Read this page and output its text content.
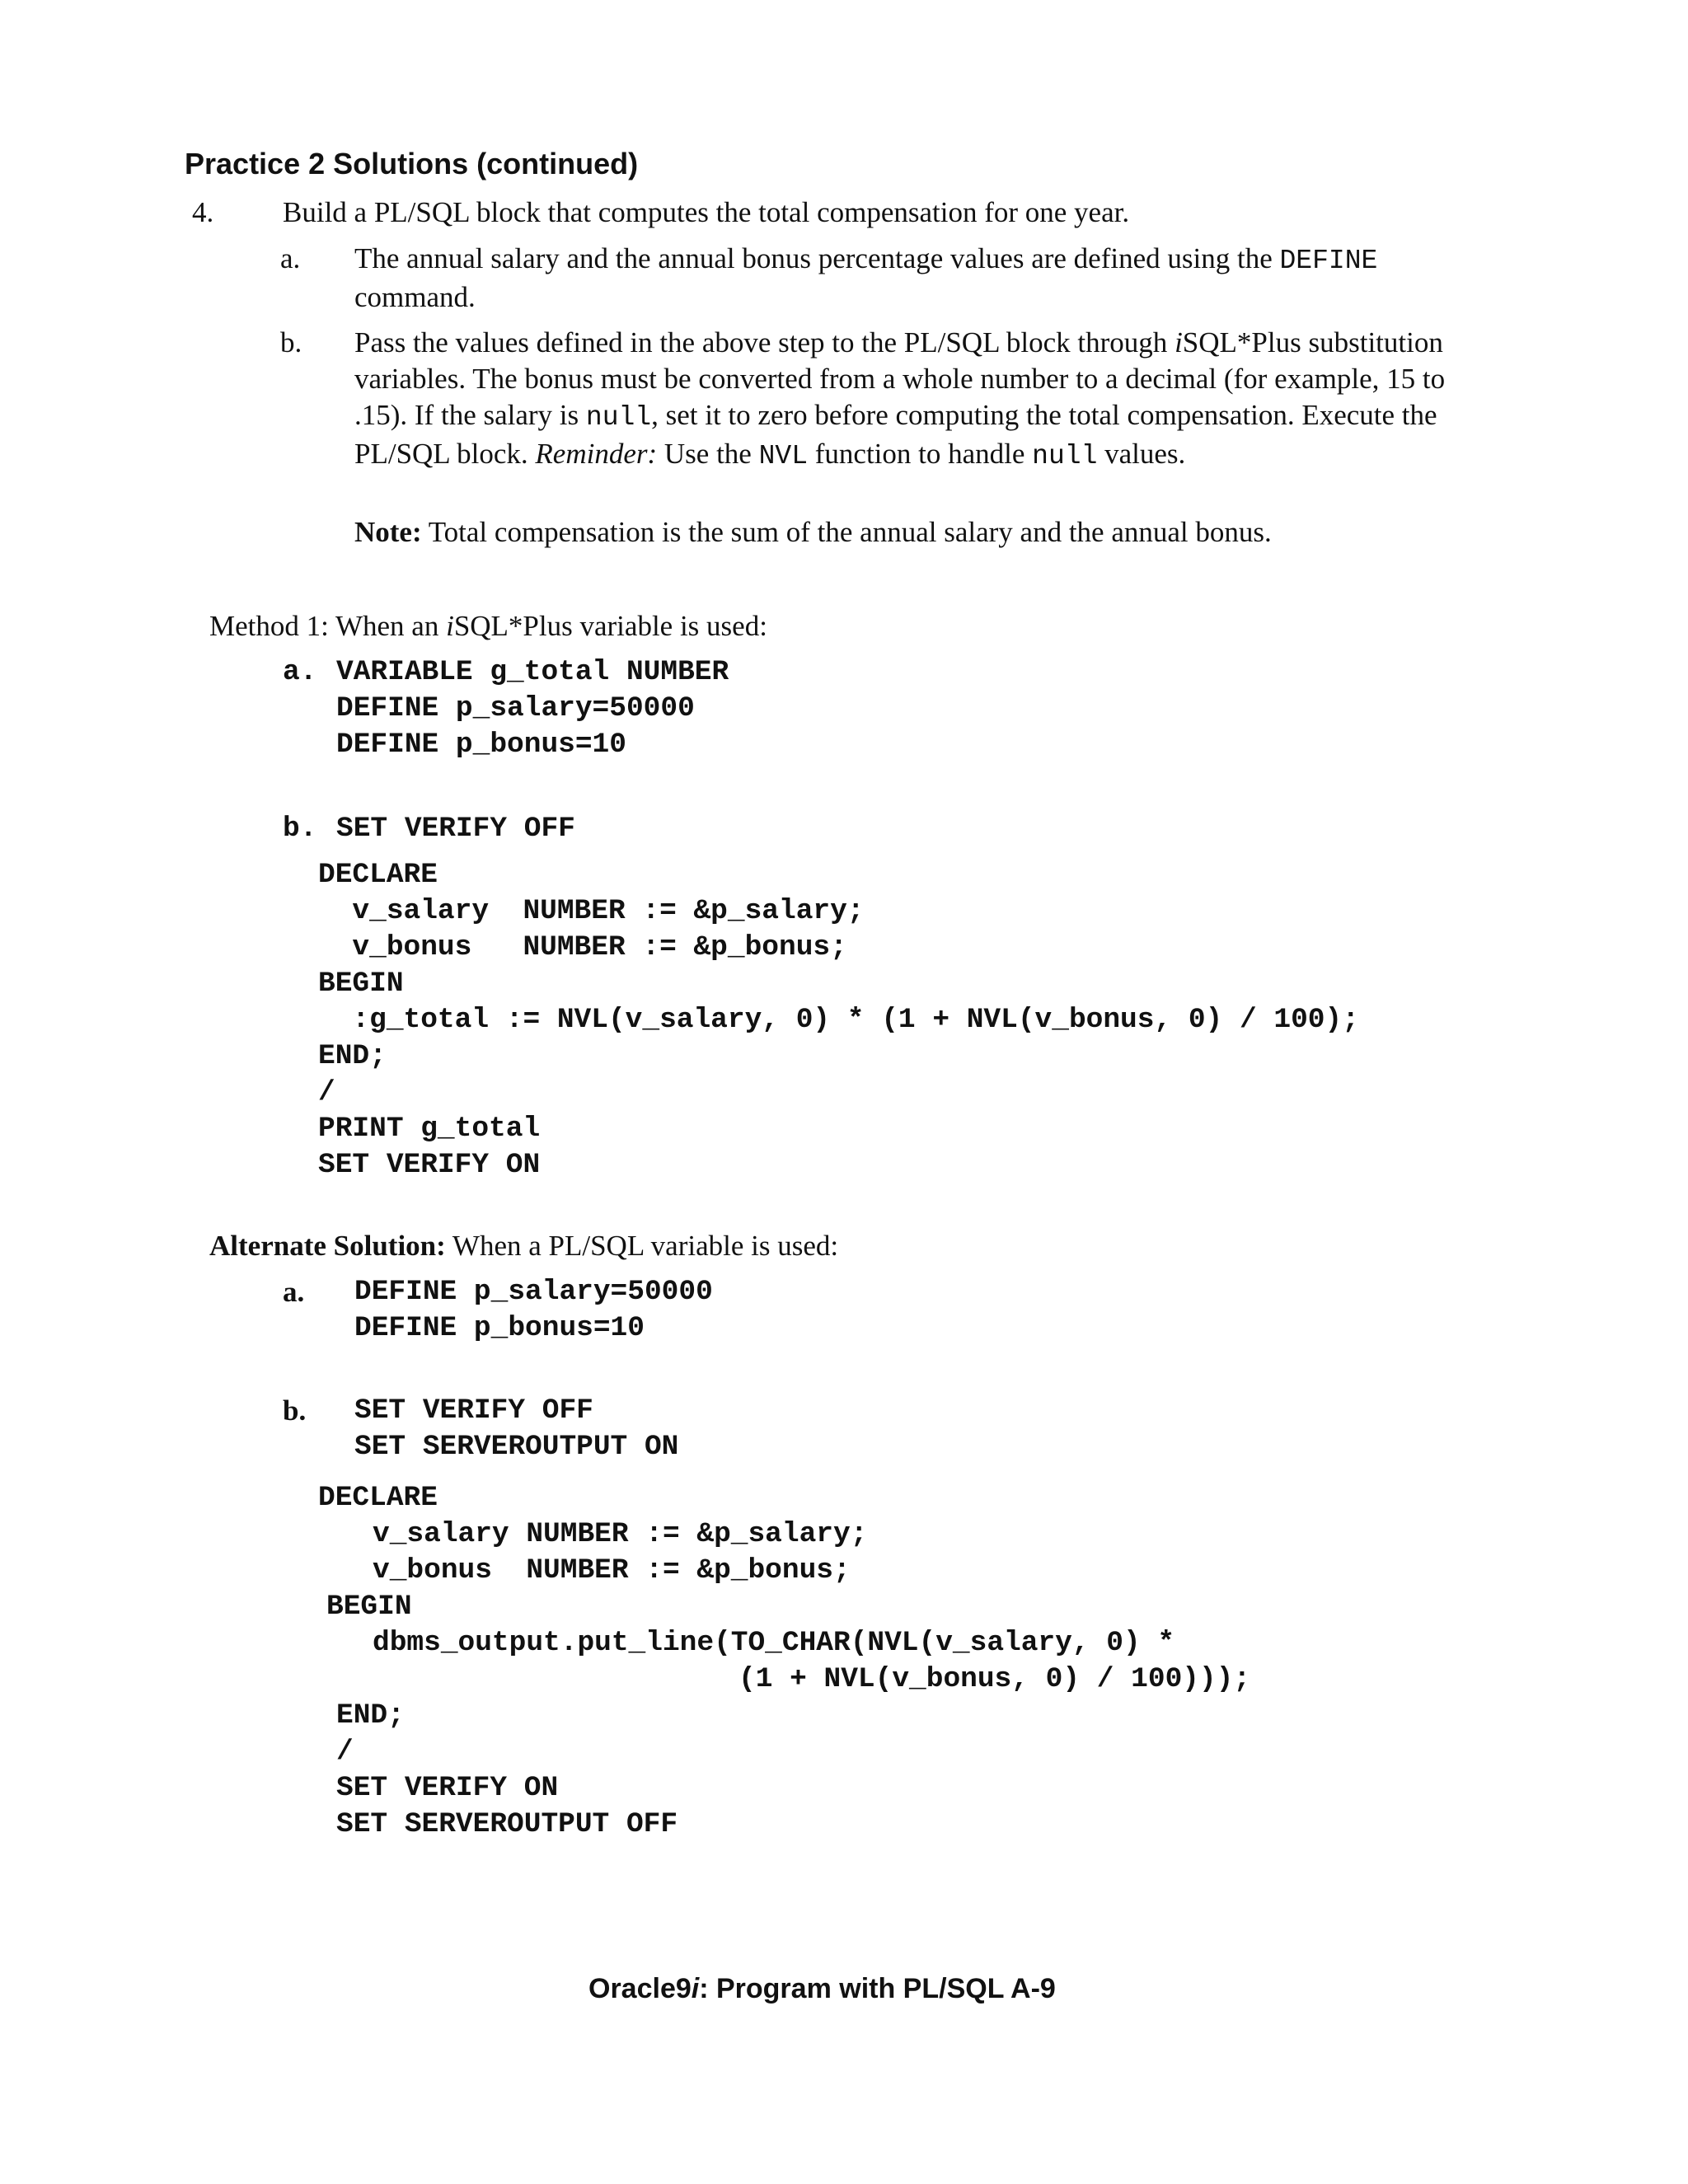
Practice 2 Solutions (continued)
4. Build a PL/SQL block that computes the total compensation for one year.
a. The annual salary and the annual bonus percentage values are defined using the DEFINE command.
b. Pass the values defined in the above step to the PL/SQL block through iSQL*Plus substitution variables. The bonus must be converted from a whole number to a decimal (for example, 15 to .15). If the salary is null, set it to zero before computing the total compensation. Execute the PL/SQL block. Reminder: Use the NVL function to handle null values.
Note: Total compensation is the sum of the annual salary and the annual bonus.
Method 1: When an iSQL*Plus variable is used:
a. VARIABLE g_total NUMBER
DEFINE p_salary=50000
DEFINE p_bonus=10
b. SET VERIFY OFF
DECLARE
v_salary  NUMBER := &p_salary;
v_bonus   NUMBER := &p_bonus;
BEGIN
:g_total := NVL(v_salary, 0) * (1 + NVL(v_bonus, 0) / 100);
END;
/
PRINT g_total
SET VERIFY ON
Alternate Solution: When a PL/SQL variable is used:
a. DEFINE p_salary=50000
DEFINE p_bonus=10
b. SET VERIFY OFF
SET SERVEROUTPUT ON
DECLARE
v_salary NUMBER := &p_salary;
v_bonus  NUMBER := &p_bonus;
BEGIN
dbms_output.put_line(TO_CHAR(NVL(v_salary, 0) *
(1 + NVL(v_bonus, 0) / 100)));
END;
/
SET VERIFY ON
SET SERVEROUTPUT OFF
Oracle9i: Program with PL/SQL A-9
